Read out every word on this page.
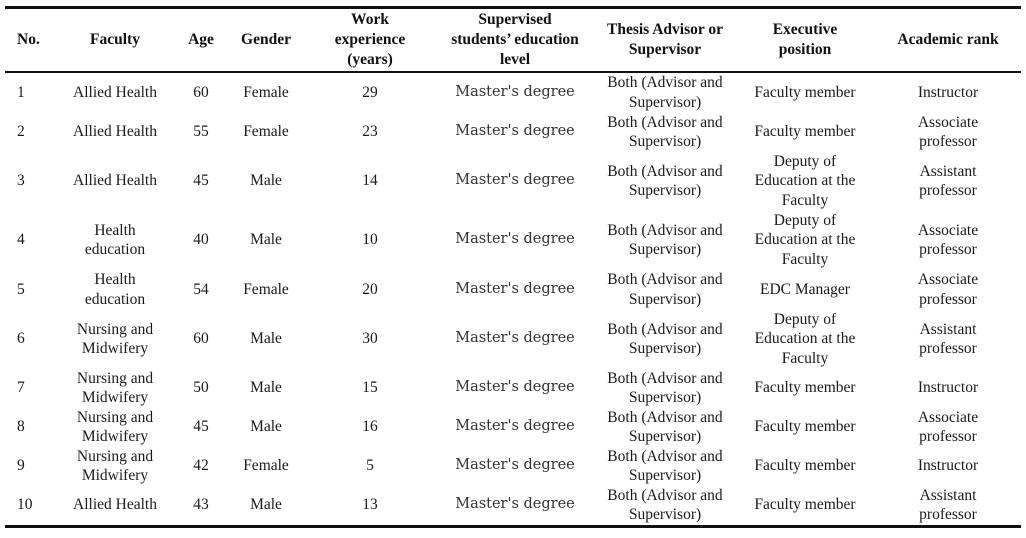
No.	Faculty	Age	Gender	Work experience (years)	Supervised students’ education level	Thesis Advisor or Supervisor	Executive position	Academic rank
1	Allied Health	60	Female	29	Master's degree	Both (Advisor and Supervisor)	Faculty member	Instructor
2	Allied Health	55	Female	23	Master's degree	Both (Advisor and Supervisor)	Faculty member	Associate professor
3	Allied Health	45	Male	14	Master's degree	Both (Advisor and Supervisor)	Deputy of Education at the Faculty	Assistant professor
4	Health education	40	Male	10	Master's degree	Both (Advisor and Supervisor)	Deputy of Education at the Faculty	Associate professor
5	Health education	54	Female	20	Master's degree	Both (Advisor and Supervisor)	EDC Manager	Associate professor
6	Nursing and Midwifery	60	Male	30	Master's degree	Both (Advisor and Supervisor)	Deputy of Education at the Faculty	Assistant professor
7	Nursing and Midwifery	50	Male	15	Master's degree	Both (Advisor and Supervisor)	Faculty member	Instructor
8	Nursing and Midwifery	45	Male	16	Master's degree	Both (Advisor and Supervisor)	Faculty member	Associate professor
9	Nursing and Midwifery	42	Female	5	Master's degree	Both (Advisor and Supervisor)	Faculty member	Instructor
10	Allied Health	43	Male	13	Master's degree	Both (Advisor and Supervisor)	Faculty member	Assistant professor
